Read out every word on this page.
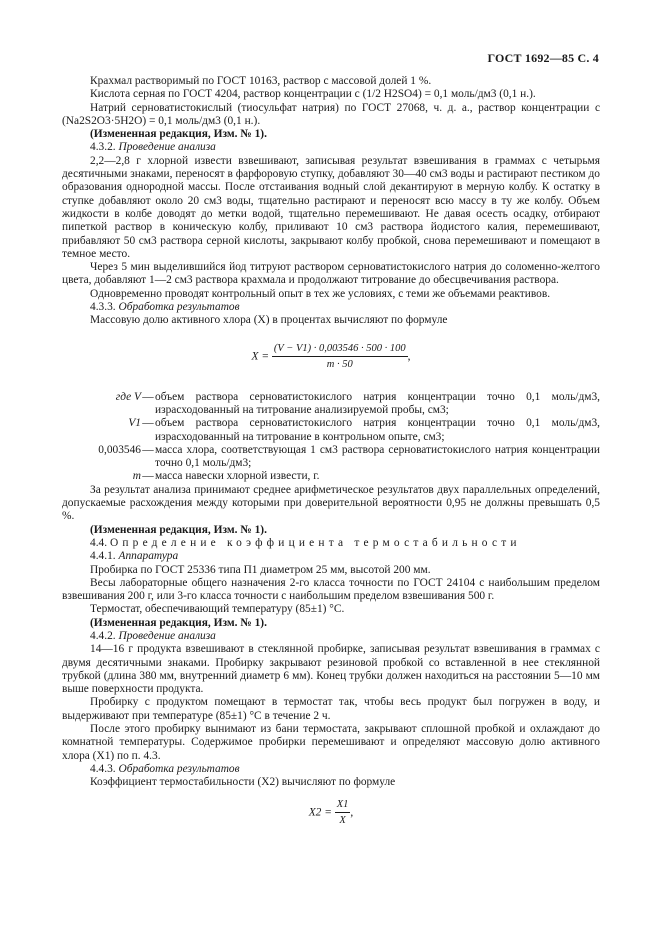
ГОСТ 1692—85 С. 4

Крахмал растворимый по ГОСТ 10163, раствор с массовой долей 1 %.

Кислота серная по ГОСТ 4204, раствор концентрации c (1/2 H2SO4) = 0,1 моль/дм3 (0,1 н.).

Натрий серноватистокислый (тиосульфат натрия) по ГОСТ 27068, ч. д. а., раствор концентрации c (Na2S2O3·5H2O) = 0,1 моль/дм3 (0,1 н.).

(Измененная редакция, Изм. № 1).

4.3.2. Проведение анализа

2,2—2,8 г хлорной извести взвешивают, записывая результат взвешивания в граммах с четырьмя десятичными знаками, переносят в фарфоровую ступку, добавляют 30—40 см3 воды и растирают пестиком до образования однородной массы. После отстаивания водный слой декантируют в мерную колбу. К остатку в ступке добавляют около 20 см3 воды, тщательно растирают и переносят всю массу в ту же колбу. Объем жидкости в колбе доводят до метки водой, тщательно перемешивают. Не давая осесть осадку, отбирают пипеткой раствор в коническую колбу, приливают 10 см3 раствора йодистого калия, перемешивают, прибавляют 50 см3 раствора серной кислоты, закрывают колбу пробкой, снова перемешивают и помещают в темное место.

Через 5 мин выделившийся йод титруют раствором серноватистокислого натрия до соломенно-желтого цвета, добавляют 1—2 см3 раствора крахмала и продолжают титрование до обесцвечивания раствора.

Одновременно проводят контрольный опыт в тех же условиях, с теми же объемами реактивов.

4.3.3. Обработка результатов

Массовую долю активного хлора (X) в процентах вычисляют по формуле

$X = \frac{(V - V1) \cdot 0,003546 \cdot 500 \cdot 100}{m \cdot 50}$ ,
где V — объем раствора серноватистокислого натрия концентрации точно 0,1 моль/дм3, израсходованный на титрование анализируемой пробы, см3;
V1 — объем раствора серноватистокислого натрия концентрации точно 0,1 моль/дм3, израсходованный на титрование в контрольном опыте, см3;
0,003546 — масса хлора, соответствующая 1 см3 раствора серноватистокислого натрия концентрации точно 0,1 моль/дм3;
m — масса навески хлорной извести, г.

За результат анализа принимают среднее арифметическое результатов двух параллельных определений, допускаемые расхождения между которыми при доверительной вероятности 0,95 не должны превышать 0,5 %.

(Измененная редакция, Изм. № 1).

4.4. Определение коэффициента термостабильности

4.4.1. Аппаратура

Пробирка по ГОСТ 25336 типа П1 диаметром 25 мм, высотой 200 мм.

Весы лабораторные общего назначения 2-го класса точности по ГОСТ 24104 с наибольшим пределом взвешивания 200 г, или 3-го класса точности с наибольшим пределом взвешивания 500 г.

Термостат, обеспечивающий температуру (85±1) °С.

(Измененная редакция, Изм. № 1).

4.4.2. Проведение анализа

14—16 г продукта взвешивают в стеклянной пробирке, записывая результат взвешивания в граммах с двумя десятичными знаками. Пробирку закрывают резиновой пробкой со вставленной в нее стеклянной трубкой (длина 380 мм, внутренний диаметр 6 мм). Конец трубки должен находиться на расстоянии 5—10 мм выше поверхности продукта.

Пробирку с продуктом помещают в термостат так, чтобы весь продукт был погружен в воду, и выдерживают при температуре (85±1) °С в течение 2 ч.

После этого пробирку вынимают из бани термостата, закрывают сплошной пробкой и охлаждают до комнатной температуры. Содержимое пробирки перемешивают и определяют массовую долю активного хлора (X1) по п. 4.3.

4.4.3. Обработка результатов

Коэффициент термостабильности (X2) вычисляют по формуле

$X2 = \frac{X1}{X}$ ,
